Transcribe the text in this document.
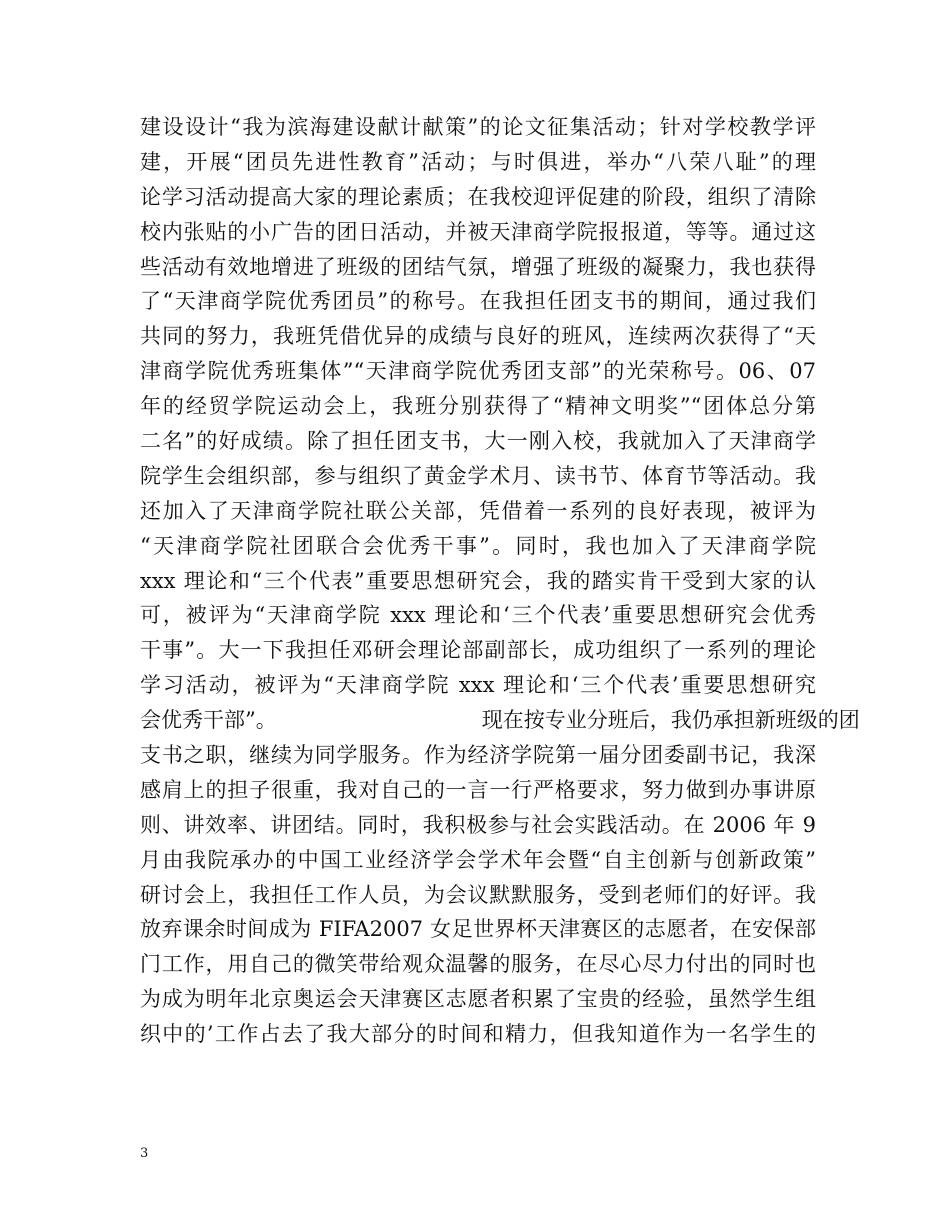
建设设计“我为滨海建设献计献策”的论文征集活动；针对学校教学评
建，开展“团员先进性教育”活动；与时俱进，举办“八荣八耻”的理
论学习活动提高大家的理论素质；在我校迎评促建的阶段，组织了清除
校内张贴的小广告的团日活动，并被天津商学院报报道，等等。通过这
些活动有效地增进了班级的团结气氛，增强了班级的凝聚力，我也获得
了“天津商学院优秀团员”的称号。在我担任团支书的期间，通过我们
共同的努力，我班凭借优异的成绩与良好的班风，连续两次获得了“天
津商学院优秀班集体”“天津商学院优秀团支部”的光荣称号。06、07
年的经贸学院运动会上，我班分别获得了“精神文明奖”“团体总分第
二名”的好成绩。除了担任团支书，大一刚入校，我就加入了天津商学
院学生会组织部，参与组织了黄金学术月、读书节、体育节等活动。我
还加入了天津商学院社联公关部，凭借着一系列的良好表现，被评为
“天津商学院社团联合会优秀干事”。同时，我也加入了天津商学院
xxx 理论和“三个代表”重要思想研究会，我的踏实肯干受到大家的认
可，被评为“天津商学院 xxx 理论和‘三个代表’重要思想研究会优秀
干事”。大一下我担任邓研会理论部副部长，成功组织了一系列的理论
学习活动，被评为“天津商学院 xxx 理论和‘三个代表’重要思想研究
会优秀干部”。	现在按专业分班后，我仍承担新班级的团
支书之职，继续为同学服务。作为经济学院第一届分团委副书记，我深
感肩上的担子很重，我对自己的一言一行严格要求，努力做到办事讲原
则、讲效率、讲团结。同时，我积极参与社会实践活动。在 2006 年 9
月由我院承办的中国工业经济学会学术年会暨“自主创新与创新政策”
研讨会上，我担任工作人员，为会议默默服务，受到老师们的好评。我
放弃课余时间成为 FIFA2007 女足世界杯天津赛区的志愿者，在安保部
门工作，用自己的微笑带给观众温馨的服务，在尽心尽力付出的同时也
为成为明年北京奥运会天津赛区志愿者积累了宝贵的经验，虽然学生组
织中的’工作占去了我大部分的时间和精力，但我知道作为一名学生的
3
